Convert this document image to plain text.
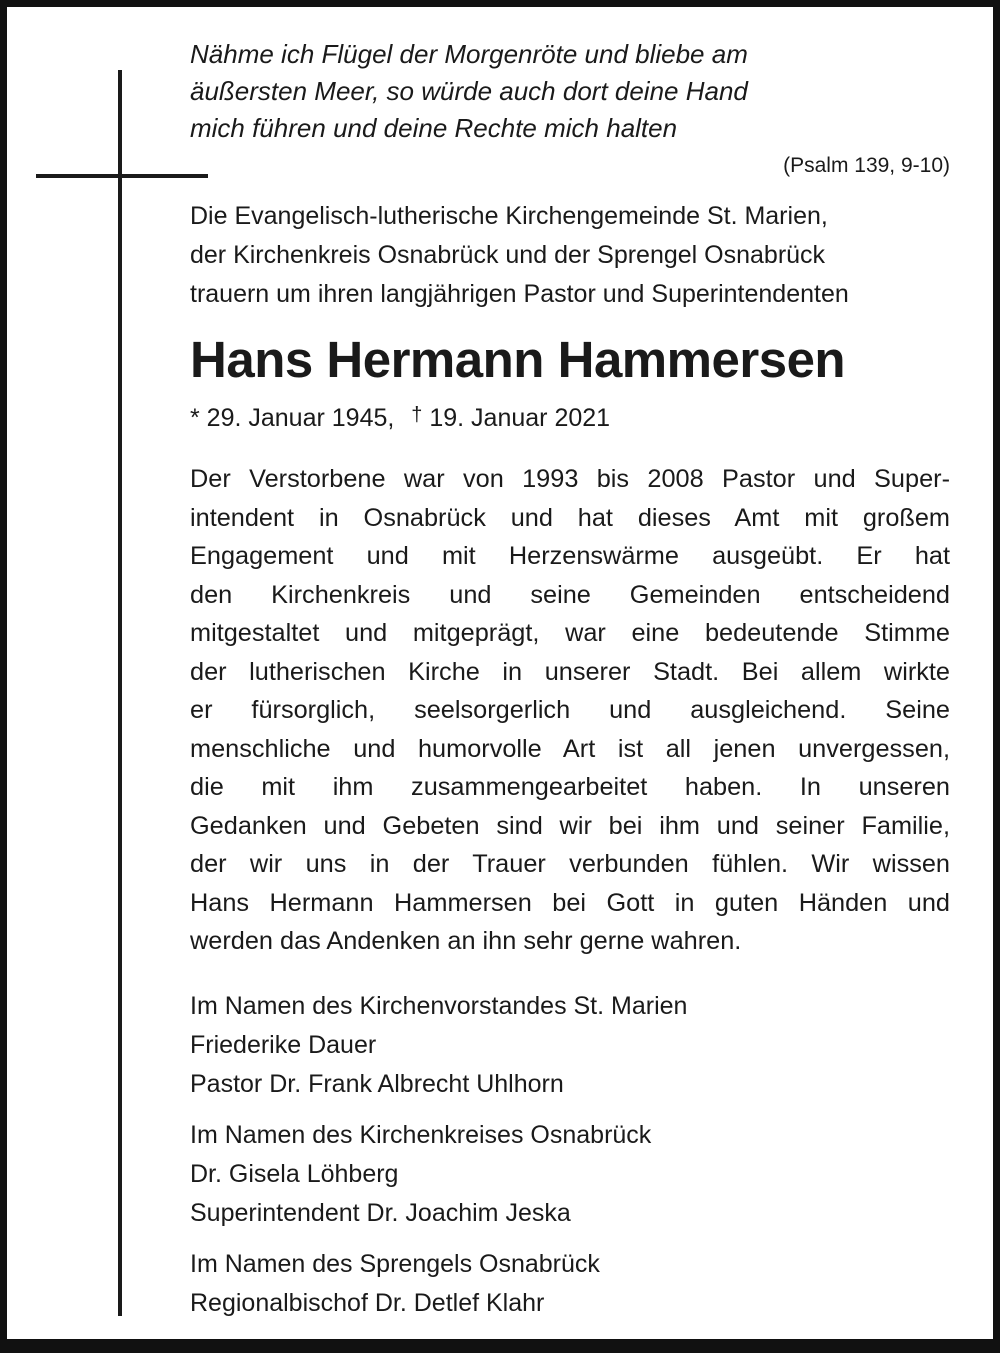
Nähme ich Flügel der Morgenröte und bliebe am
äußersten Meer, so würde auch dort deine Hand
mich führen und deine Rechte mich halten
(Psalm 139, 9-10)
Die Evangelisch-lutherische Kirchengemeinde St. Marien,
der Kirchenkreis Osnabrück und der Sprengel Osnabrück
trauern um ihren langjährigen Pastor und Superintendenten
Hans Hermann Hammersen
* 29. Januar 1945, † 19. Januar 2021
Der Verstorbene war von 1993 bis 2008 Pastor und Super-
intendent in Osnabrück und hat dieses Amt mit großem
Engagement und mit Herzenswärme ausgeübt. Er hat
den Kirchenkreis und seine Gemeinden entscheidend
mitgestaltet und mitgeprägt, war eine bedeutende Stimme
der lutherischen Kirche in unserer Stadt. Bei allem wirkte
er fürsorglich, seelsorgerlich und ausgleichend. Seine
menschliche und humorvolle Art ist all jenen unvergessen,
die mit ihm zusammengearbeitet haben. In unseren
Gedanken und Gebeten sind wir bei ihm und seiner Familie,
der wir uns in der Trauer verbunden fühlen. Wir wissen
Hans Hermann Hammersen bei Gott in guten Händen und
werden das Andenken an ihn sehr gerne wahren.
Im Namen des Kirchenvorstandes St. Marien
Friederike Dauer
Pastor Dr. Frank Albrecht Uhlhorn
Im Namen des Kirchenkreises Osnabrück
Dr. Gisela Löhberg
Superintendent Dr. Joachim Jeska
Im Namen des Sprengels Osnabrück
Regionalbischof Dr. Detlef Klahr
